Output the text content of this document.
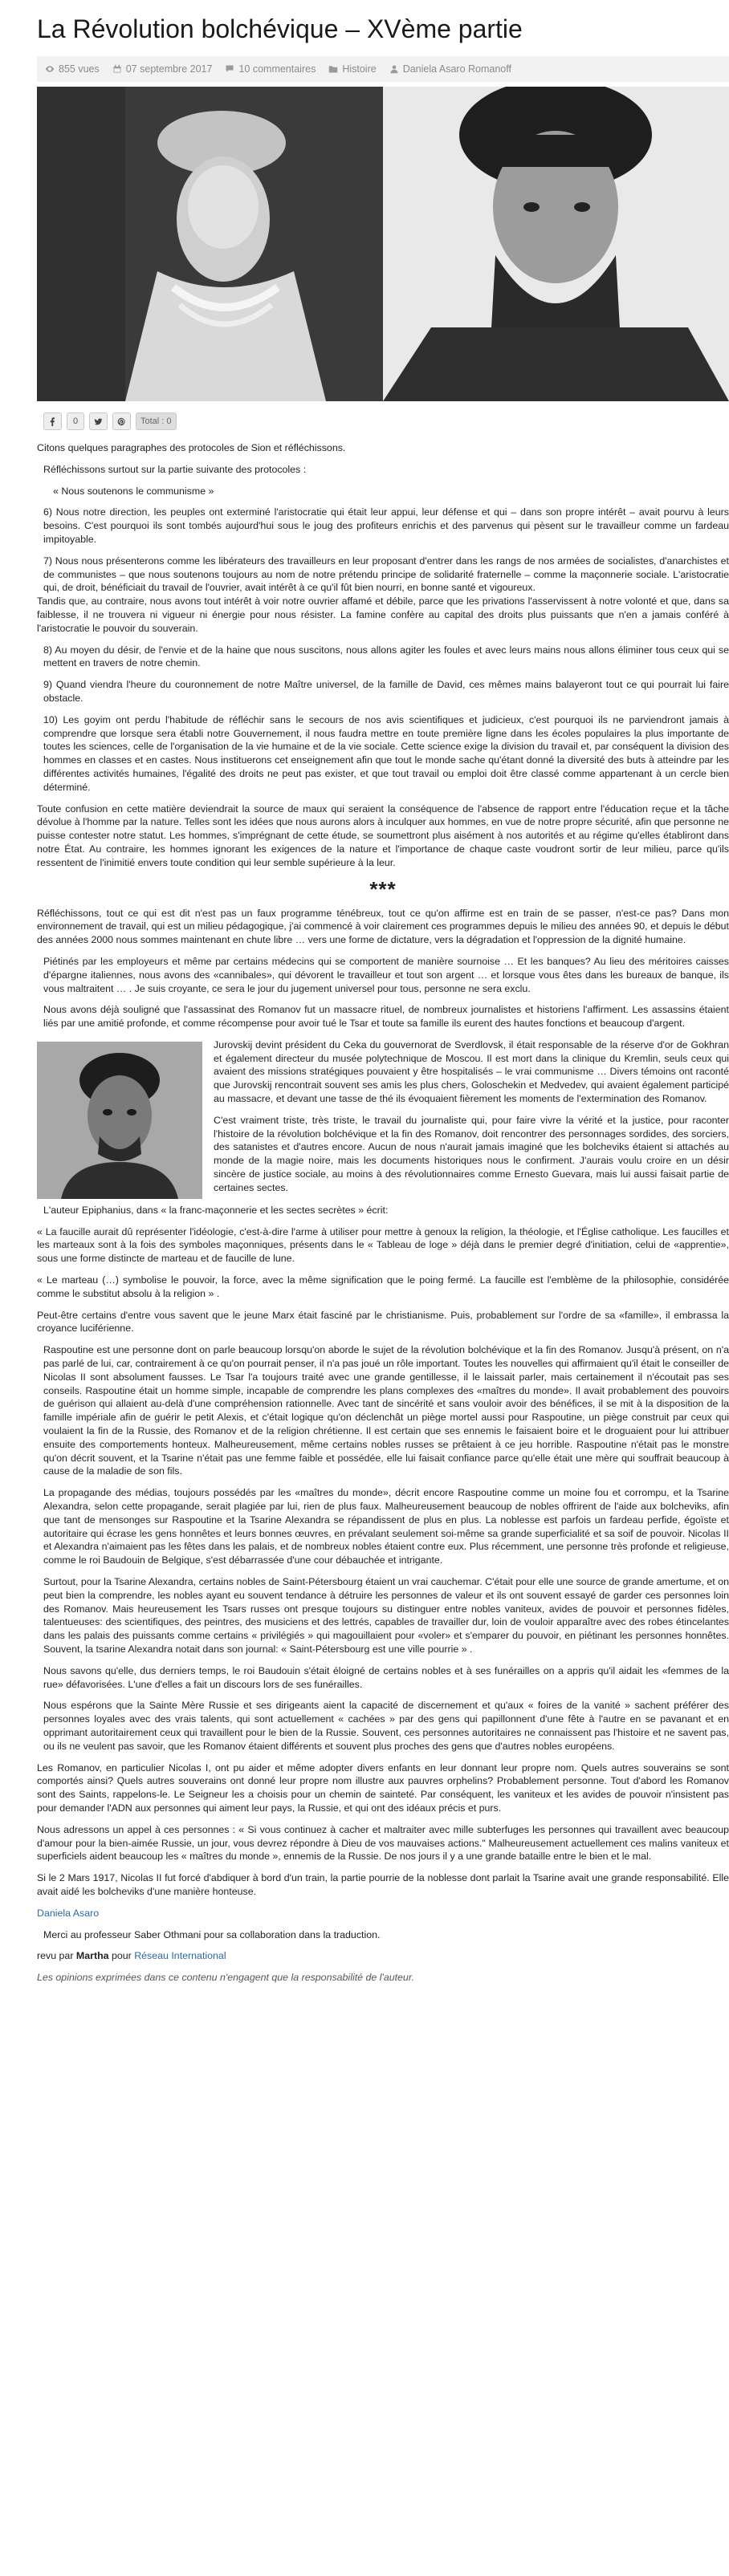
La Révolution bolchévique – XVème partie
855 vues	07 septembre 2017	10 commentaires	Histoire	Daniela Asaro Romanoff
0	Total : 0

Citons quelques paragraphes des protocoles de Sion et réfléchissons.

Réfléchissons surtout sur la partie suivante des protocoles :

« Nous soutenons le communisme »

6) Nous notre direction, les peuples ont exterminé l'aristocratie qui était leur appui, leur défense et qui – dans son propre intérêt – avait pourvu à leurs besoins. C'est pourquoi ils sont tombés aujourd'hui sous le joug des profiteurs enrichis et des parvenus qui pèsent sur le travailleur comme un fardeau impitoyable.

7) Nous nous présenterons comme les libérateurs des travailleurs en leur proposant d'entrer dans les rangs de nos armées de socialistes, d'anarchistes et de communistes – que nous soutenons toujours au nom de notre prétendu principe de solidarité fraternelle – comme la maçonnerie sociale. L'aristocratie qui, de droit, bénéficiait du travail de l'ouvrier, avait intérêt à ce qu'il fût bien nourri, en bonne santé et vigoureux.

Tandis que, au contraire, nous avons tout intérêt à voir notre ouvrier affamé et débile, parce que les privations l'asservissent à notre volonté et que, dans sa faiblesse, il ne trouvera ni vigueur ni énergie pour nous résister. La famine confère au capital des droits plus puissants que n'en a jamais conféré à l'aristocratie le pouvoir du souverain.

8) Au moyen du désir, de l'envie et de la haine que nous suscitons, nous allons agiter les foules et avec leurs mains nous allons éliminer tous ceux qui se mettent en travers de notre chemin.

9) Quand viendra l'heure du couronnement de notre Maître universel, de la famille de David, ces mêmes mains balayeront tout ce qui pourrait lui faire obstacle.

10) Les goyim ont perdu l'habitude de réfléchir sans le secours de nos avis scientifiques et judicieux, c'est pourquoi ils ne parviendront jamais à comprendre que lorsque sera établi notre Gouvernement, il nous faudra mettre en toute première ligne dans les écoles populaires la plus importante de toutes les sciences, celle de l'organisation de la vie humaine et de la vie sociale. Cette science exige la division du travail et, par conséquent la division des hommes en classes et en castes. Nous instituerons cet enseignement afin que tout le monde sache qu'étant donné la diversité des buts à atteindre par les différentes activités humaines, l'égalité des droits ne peut pas exister, et que tout travail ou emploi doit être classé comme appartenant à un cercle bien déterminé.

Toute confusion en cette matière deviendrait la source de maux qui seraient la conséquence de l'absence de rapport entre l'éducation reçue et la tâche dévolue à l'homme par la nature. Telles sont les idées que nous aurons alors à inculquer aux hommes, en vue de notre propre sécurité, afin que personne ne puisse contester notre statut. Les hommes, s'imprégnant de cette étude, se soumettront plus aisément à nos autorités et au régime qu'elles établiront dans notre État. Au contraire, les hommes ignorant les exigences de la nature et l'importance de chaque caste voudront sortir de leur milieu, parce qu'ils ressentent de l'inimitié envers toute condition qui leur semble supérieure à la leur.

***

Réfléchissons, tout ce qui est dit n'est pas un faux programme ténébreux, tout ce qu'on affirme est en train de se passer, n'est-ce pas? Dans mon environnement de travail, qui est un milieu pédagogique, j'ai commencé à voir clairement ces programmes depuis le milieu des années 90, et depuis le début des années 2000 nous sommes maintenant en chute libre … vers une forme de dictature, vers la dégradation et l'oppression de la dignité humaine.

Piétinés par les employeurs et même par certains médecins qui se comportent de manière sournoise … Et les banques? Au lieu des méritoires caisses d'épargne italiennes, nous avons des «cannibales», qui dévorent le travailleur et tout son argent … et lorsque vous êtes dans les bureaux de banque, ils vous maltraitent … . Je suis croyante, ce sera le jour du jugement universel pour tous, personne ne sera exclu.

Nous avons déjà souligné que l'assassinat des Romanov fut un massacre rituel, de nombreux journalistes et historiens l'affirment. Les assassins étaient liés par une amitié profonde, et comme récompense pour avoir tué le Tsar et toute sa famille ils eurent des hautes fonctions et beaucoup d'argent.

Jurovskij devint président du Ceka du gouvernorat de Sverdlovsk, il était responsable de la réserve d'or de Gokhran et également directeur du musée polytechnique de Moscou. Il est mort dans la clinique du Kremlin, seuls ceux qui avaient des missions stratégiques pouvaient y être hospitalisés – le vrai communisme … Divers témoins ont raconté que Jurovskij rencontrait souvent ses amis les plus chers, Goloschekin et Medvedev, qui avaient également participé au massacre, et devant une tasse de thé ils évoquaient fièrement les moments de l'extermination des Romanov.

C'est vraiment triste, très triste, le travail du journaliste qui, pour faire vivre la vérité et la justice, pour raconter l'histoire de la révolution bolchévique et la fin des Romanov, doit rencontrer des personnages sordides, des sorciers, des satanistes et d'autres encore. Aucun de nous n'aurait jamais imaginé que les bolcheviks étaient si attachés au monde de la magie noire, mais les documents historiques nous le confirment. J'aurais voulu croire en un désir sincère de justice sociale, au moins à des révolutionnaires comme Ernesto Guevara, mais lui aussi faisait partie de certaines sectes.

L'auteur Epiphanius, dans « la franc-maçonnerie et les sectes secrètes » écrit:

« La faucille aurait dû représenter l'idéologie, c'est-à-dire l'arme à utiliser pour mettre à genoux la religion, la théologie, et l'Église catholique. Les faucilles et les marteaux sont à la fois des symboles maçonniques, présents dans le « Tableau de loge » déjà dans le premier degré d'initiation, celui de «apprentie», sous une forme distincte de marteau et de faucille de lune.

« Le marteau (…) symbolise le pouvoir, la force, avec la même signification que le poing fermé. La faucille est l'emblème de la philosophie, considérée comme le substitut absolu à la religion » .

Peut-être certains d'entre vous savent que le jeune Marx était fasciné par le christianisme. Puis, probablement sur l'ordre de sa «famille», il embrassa la croyance luciférienne.

Raspoutine est une personne dont on parle beaucoup lorsqu'on aborde le sujet de la révolution bolchévique et la fin des Romanov. Jusqu'à présent, on n'a pas parlé de lui, car, contrairement à ce qu'on pourrait penser, il n'a pas joué un rôle important. Toutes les nouvelles qui affirmaient qu'il était le conseiller de Nicolas II sont absolument fausses. Le Tsar l'a toujours traité avec une grande gentillesse, il le laissait parler, mais certainement il n'écoutait pas ses conseils. Raspoutine était un homme simple, incapable de comprendre les plans complexes des «maîtres du monde». Il avait probablement des pouvoirs de guérison qui allaient au-delà d'une compréhension rationnelle. Avec tant de sincérité et sans vouloir avoir des bénéfices, il se mit à la disposition de la famille impériale afin de guérir le petit Alexis, et c'était logique qu'on déclenchât un piège mortel aussi pour Raspoutine, un piège construit par ceux qui voulaient la fin de la Russie, des Romanov et de la religion chrétienne. Il est certain que ses ennemis le faisaient boire et le droguaient pour lui attribuer ensuite des comportements honteux. Malheureusement, même certains nobles russes se prêtaient à ce jeu horrible. Raspoutine n'était pas le monstre qu'on décrit souvent, et la Tsarine n'était pas une femme faible et possédée, elle lui faisait confiance parce qu'elle était une mère qui souffrait beaucoup à cause de la maladie de son fils.

La propagande des médias, toujours possédés par les «maîtres du monde», décrit encore Raspoutine comme un moine fou et corrompu, et la Tsarine Alexandra, selon cette propagande, serait plagiée par lui, rien de plus faux. Malheureusement beaucoup de nobles offrirent de l'aide aux bolcheviks, afin que tant de mensonges sur Raspoutine et la Tsarine Alexandra se répandissent de plus en plus. La noblesse est parfois un fardeau perfide, égoïste et autoritaire qui écrase les gens honnêtes et leurs bonnes œuvres, en prévalant seulement soi-même sa grande superficialité et sa soif de pouvoir. Nicolas II et Alexandra n'aimaient pas les fêtes dans les palais, et de nombreux nobles étaient contre eux. Plus récemment, une personne très profonde et religieuse, comme le roi Baudouin de Belgique, s'est débarrassée d'une cour débauchée et intrigante.

Surtout, pour la Tsarine Alexandra, certains nobles de Saint-Pétersbourg étaient un vrai cauchemar. C'était pour elle une source de grande amertume, et on peut bien la comprendre, les nobles ayant eu souvent tendance à détruire les personnes de valeur et ils ont souvent essayé de garder ces personnes loin des Romanov. Mais heureusement les Tsars russes ont presque toujours su distinguer entre nobles vaniteux, avides de pouvoir et personnes fidèles, talentueuses: des scientifiques, des peintres, des musiciens et des lettrés, capables de travailler dur, loin de vouloir apparaître avec des robes étincelantes dans les palais des puissants comme certains « privilégiés » qui magouillaient pour «voler» et s'emparer du pouvoir, en piétinant les personnes honnêtes. Souvent, la tsarine Alexandra notait dans son journal: « Saint-Pétersbourg est une ville pourrie » .

Nous savons qu'elle, dus derniers temps, le roi Baudouin s'était éloigné de certains nobles et à ses funérailles on a appris qu'il aidait les «femmes de la rue» défavorisées. L'une d'elles a fait un discours lors de ses funérailles.

Nous espérons que la Sainte Mère Russie et ses dirigeants aient la capacité de discernement et qu'aux « foires de la vanité » sachent préférer des personnes loyales avec des vrais talents, qui sont actuellement « cachées » par des gens qui papillonnent d'une fête à l'autre en se pavanant et en opprimant autoritairement ceux qui travaillent pour le bien de la Russie. Souvent, ces personnes autoritaires ne connaissent pas l'histoire et ne savent pas, ou ils ne veulent pas savoir, que les Romanov étaient différents et souvent plus proches des gens que d'autres nobles européens.

Les Romanov, en particulier Nicolas I, ont pu aider et même adopter divers enfants en leur donnant leur propre nom. Quels autres souverains se sont comportés ainsi? Quels autres souverains ont donné leur propre nom illustre aux pauvres orphelins? Probablement personne. Tout d'abord les Romanov sont des Saints, rappelons-le. Le Seigneur les a choisis pour un chemin de sainteté. Par conséquent, les vaniteux et les avides de pouvoir n'insistent pas pour demander l'ADN aux personnes qui aiment leur pays, la Russie, et qui ont des idéaux précis et purs.

Nous adressons un appel à ces personnes : « Si vous continuez à cacher et maltraiter avec mille subterfuges les personnes qui travaillent avec beaucoup d'amour pour la bien-aimée Russie, un jour, vous devrez répondre à Dieu de vos mauvaises actions." Malheureusement actuellement ces malins vaniteux et superficiels aident beaucoup les « maîtres du monde », ennemis de la Russie. De nos jours il y a une grande bataille entre le bien et le mal.

Si le 2 Mars 1917, Nicolas II fut forcé d'abdiquer à bord d'un train, la partie pourrie de la noblesse dont parlait la Tsarine avait une grande responsabilité. Elle avait aidé les bolcheviks d'une manière honteuse.

Daniela Asaro

Merci au professeur Saber Othmani pour sa collaboration dans la traduction.

revu par Martha pour Réseau International

Les opinions exprimées dans ce contenu n'engagent que la responsabilité de l'auteur.
